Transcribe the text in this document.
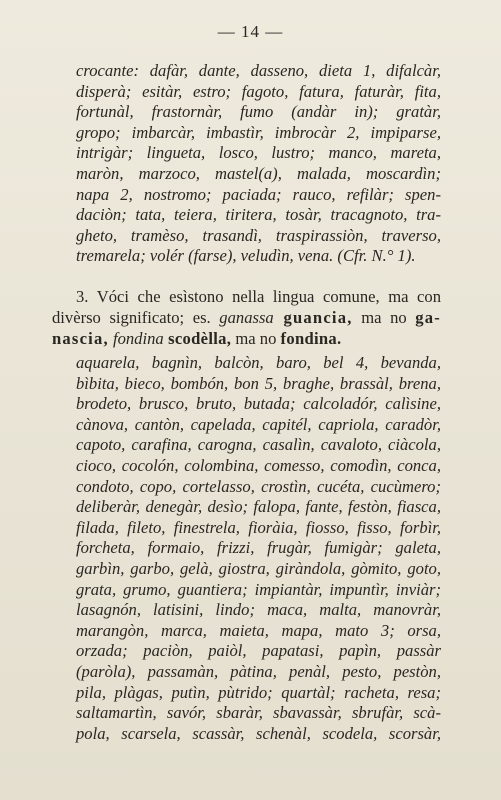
— 14 —
crocante: dafàr, dante, dasseno, dieta 1, difalcàr,
disperà; esitàr, estro; fagoto, fatura, faturàr, fita,
fortunàl, frastornàr, fumo (andàr in); gratàr,
gropo; imbarcàr, imbastìr, imbrocàr 2, impiparse,
intrigàr; lingueta, losco, lustro; manco, mareta,
maròn, marzoco, mastel(a), malada, moscardìn;
napa 2, nostromo; paciada; rauco, refilàr; spen-
daciòn; tata, teiera, tiritera, tosàr, tracagnoto, tra-
gheto, tramèso, trasandì, traspirassiòn, traverso,
tremarela; volér (farse), veludìn, vena. (Cfr. N.° 1).
3. Vóci che esìstono nella lingua comune, ma con
divèrso significato; es. ganassa guancia, ma no ga-
nascia, fondina scodèlla, ma no fondina.
aquarela, bagnìn, balcòn, baro, bel 4, bevanda,
bìbita, bieco, bombón, bon 5, braghe, brassàl, brena,
brodeto, brusco, bruto, butada; calcoladór, calìsine,
cànova, cantòn, capelada, capitél, capriola, caradòr,
capoto, carafina, carogna, casalìn, cavaloto, ciàcola,
cioco, cocolón, colombina, comesso, comodìn, conca,
condoto, copo, cortelasso, crostìn, cucéta, cucùmero;
deliberàr, denegàr, desìo; falopa, fante, festòn, fiasca,
filada, fileto, finestrela, fioràia, fiosso, fisso, forbìr,
forcheta, formaio, frizzi, frugàr, fumigàr; galeta,
garbìn, garbo, gelà, giostra, giràndola, gòmito, goto,
grata, grumo, guantiera; impiantàr, impuntìr, inviàr;
lasagnón, latisini, lindo; maca, malta, manovràr,
marangòn, marca, maieta, mapa, mato 3; orsa,
orzada; paciòn, paiòl, papatasi, papìn, passàr
(paròla), passamàn, pàtina, penàl, pesto, pestòn,
pila, plàgas, putìn, pùtrido; quartàl; racheta, resa;
saltamartìn, savór, sbaràr, sbavassàr, sbrufàr, scà-
pola, scarsela, scassàr, schenàl, scodela, scorsàr,
